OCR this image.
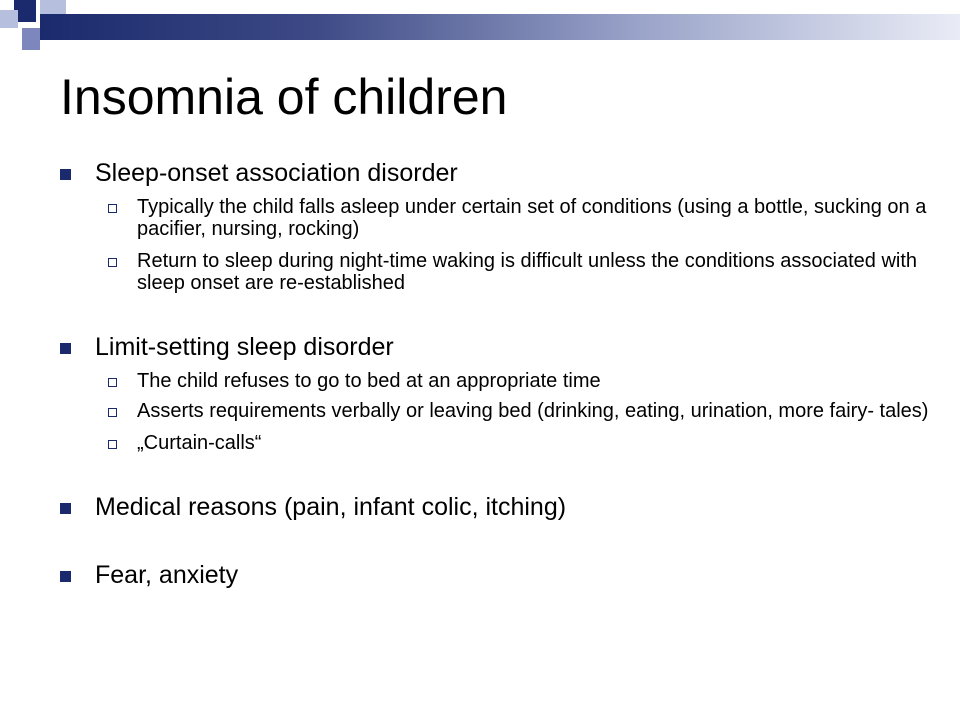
Insomnia of children
Sleep-onset association disorder
Typically the child falls asleep under certain set of conditions (using a bottle, sucking on a pacifier, nursing, rocking)
Return to sleep during night-time waking is difficult unless the conditions associated with sleep onset are re-established
Limit-setting sleep disorder
The child refuses to go to bed at an appropriate time
Asserts requirements verbally or leaving bed (drinking, eating, urination, more fairy- tales)
„Curtain-calls“
Medical reasons (pain, infant colic, itching)
Fear, anxiety
